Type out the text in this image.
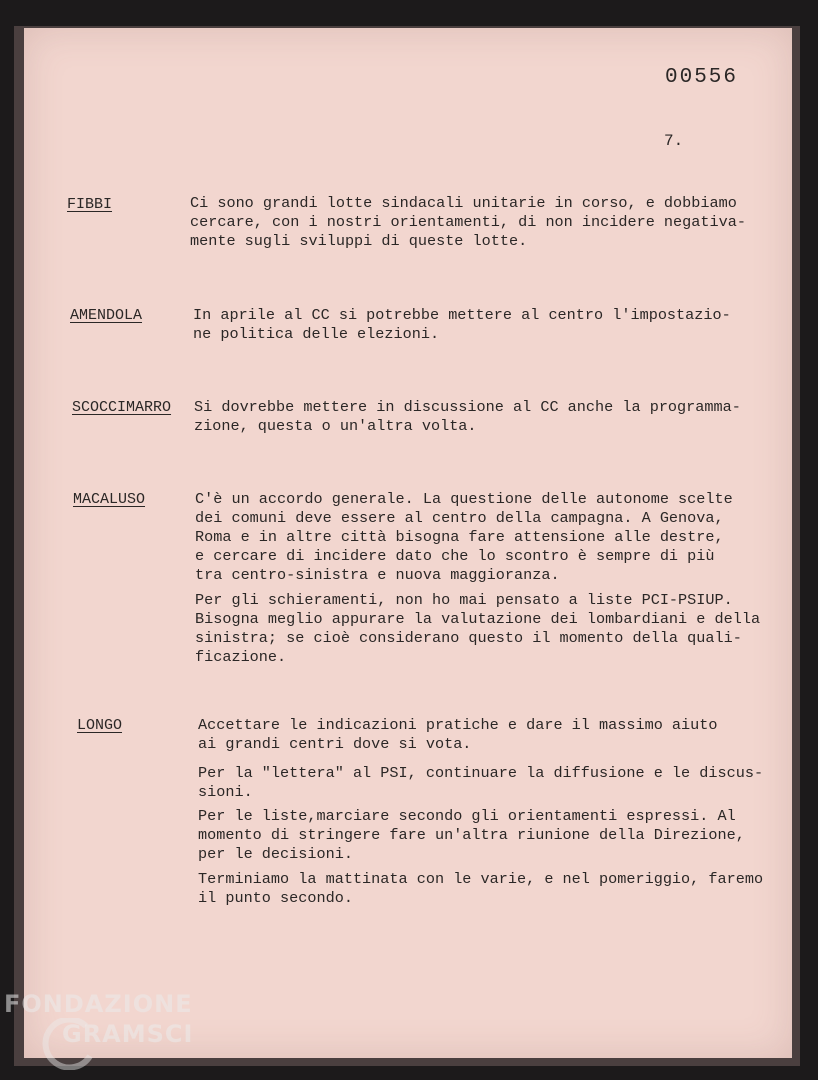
00556
7.
FIBBI	Ci sono grandi lotte sindacali unitarie in corso, e dobbiamo
cercare, con i nostri orientamenti, di non incidere negativa-
mente sugli sviluppi di queste lotte.
AMENDOLA	In aprile al CC si potrebbe mettere al centro l'impostazio-
ne politica delle elezioni.
SCOCCIMARRO Si dovrebbe mettere in discussione al CC anche la programma-
zione, questa o un'altra volta.
MACALUSO	C'è un accordo generale. La questione delle autonome scelte
dei comuni deve essere al centro della campagna. A Genova,
Roma e in altre città bisogna fare attensione alle destre,
e cercare di incidere dato che lo scontro è sempre di più
tra centro-sinistra e nuova maggioranza.
Per gli schieramenti, non ho mai pensato a liste PCI-PSIUP.
Bisogna meglio appurare la valutazione dei lombardiani e della
sinistra; se cioè considerano questo il momento della quali-
ficazione.
LONGO	Accettare le indicazioni pratiche e dare il massimo aiuto
ai grandi centri dove si vota.
Per la "lettera" al PSI, continuare la diffusione e le discus-
sioni.
Per le liste,marciare secondo gli orientamenti espressi. Al
momento di stringere fare un'altra riunione della Direzione,
per le decisioni.
Terminiamo la mattinata con le varie, e nel pomeriggio, faremo
il punto secondo.
FONDAZIONE
GRAMSCI
